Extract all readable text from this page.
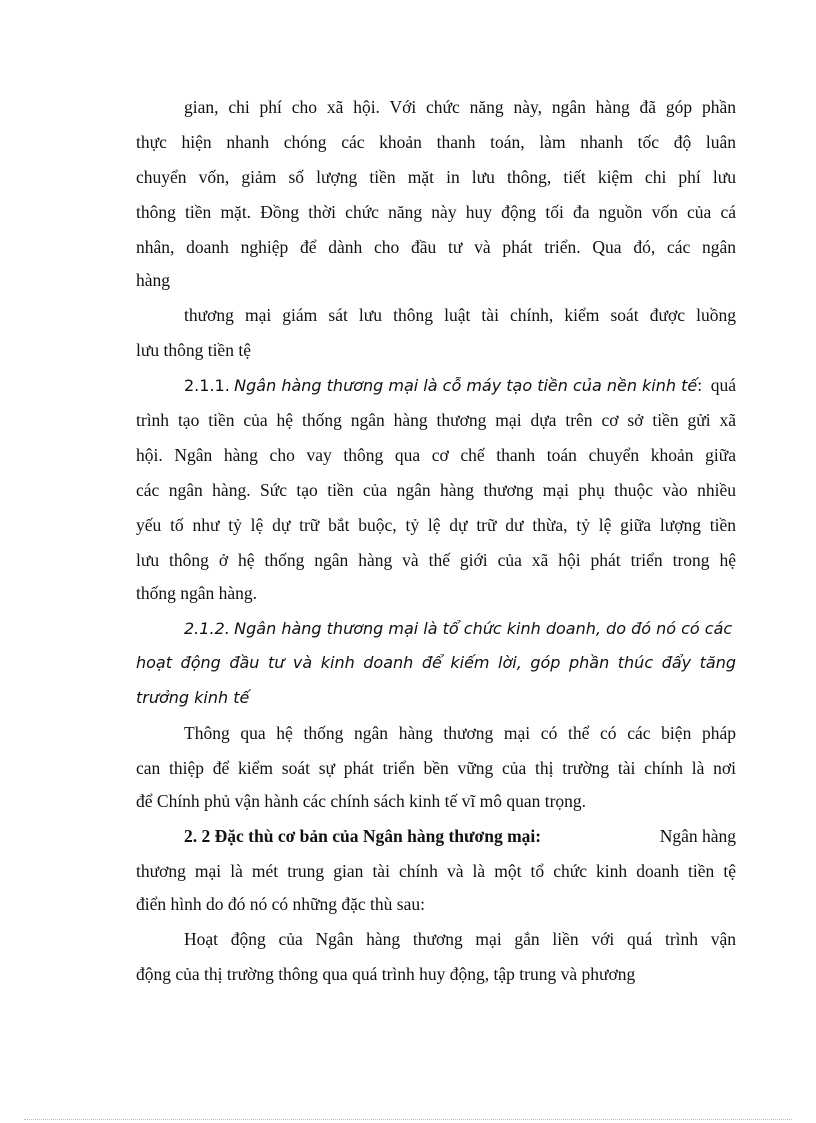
gian, chi phí cho xã hội. Với chức năng này, ngân hàng đã góp phần
thực hiện nhanh chóng các khoản thanh toán, làm nhanh tốc độ luân
chuyển vốn, giảm số lượng tiền mặt in lưu thông, tiết kiệm chi phí lưu
thông tiền mặt. Đồng thời chức năng này huy động tối đa nguồn vốn của cá
nhân, doanh nghiệp để dành cho đầu tư và phát triển. Qua đó, các ngân
hàng
thương mại giám sát lưu thông luật tài chính, kiểm soát được luồng
lưu thông tiền tệ
2.1.1. Ngân hàng thương mại là cỗ máy tạo tiền của nền kinh tế: quá
trình tạo tiền của hệ thống ngân hàng thương mại dựa trên cơ sở tiền gửi xã
hội. Ngân hàng cho vay thông qua cơ chế thanh toán chuyển khoản giữa
các ngân hàng. Sức tạo tiền của ngân hàng thương mại phụ thuộc vào nhiều
yếu tố như tỷ lệ dự trữ bắt buộc, tỷ lệ dự trữ dư thừa, tỷ lệ giữa lượng tiền
lưu thông ở hệ thống ngân hàng và thế giới của xã hội phát triển trong hệ
thống ngân hàng.
2.1.2. Ngân hàng thương mại là tổ chức kinh doanh, do đó nó có các
hoạt động đầu tư và kinh doanh để kiếm lời, góp phần thúc đẩy tăng
trưởng kinh tế
Thông qua hệ thống ngân hàng thương mại có thể có các biện pháp
can thiệp để kiểm soát sự phát triển bền vững của thị trường tài chính là nơi
để Chính phủ vận hành các chính sách kinh tế vĩ mô quan trọng.
2. 2 Đặc thù cơ bản của Ngân hàng thương mại:	Ngân hàng
thương mại là mét trung gian tài chính và là một tổ chức kinh doanh tiền tệ
điển hình do đó nó có những đặc thù sau:
Hoạt động của Ngân hàng thương mại gắn liền với quá trình vận
động của thị trường thông qua quá trình huy động, tập trung và phương
